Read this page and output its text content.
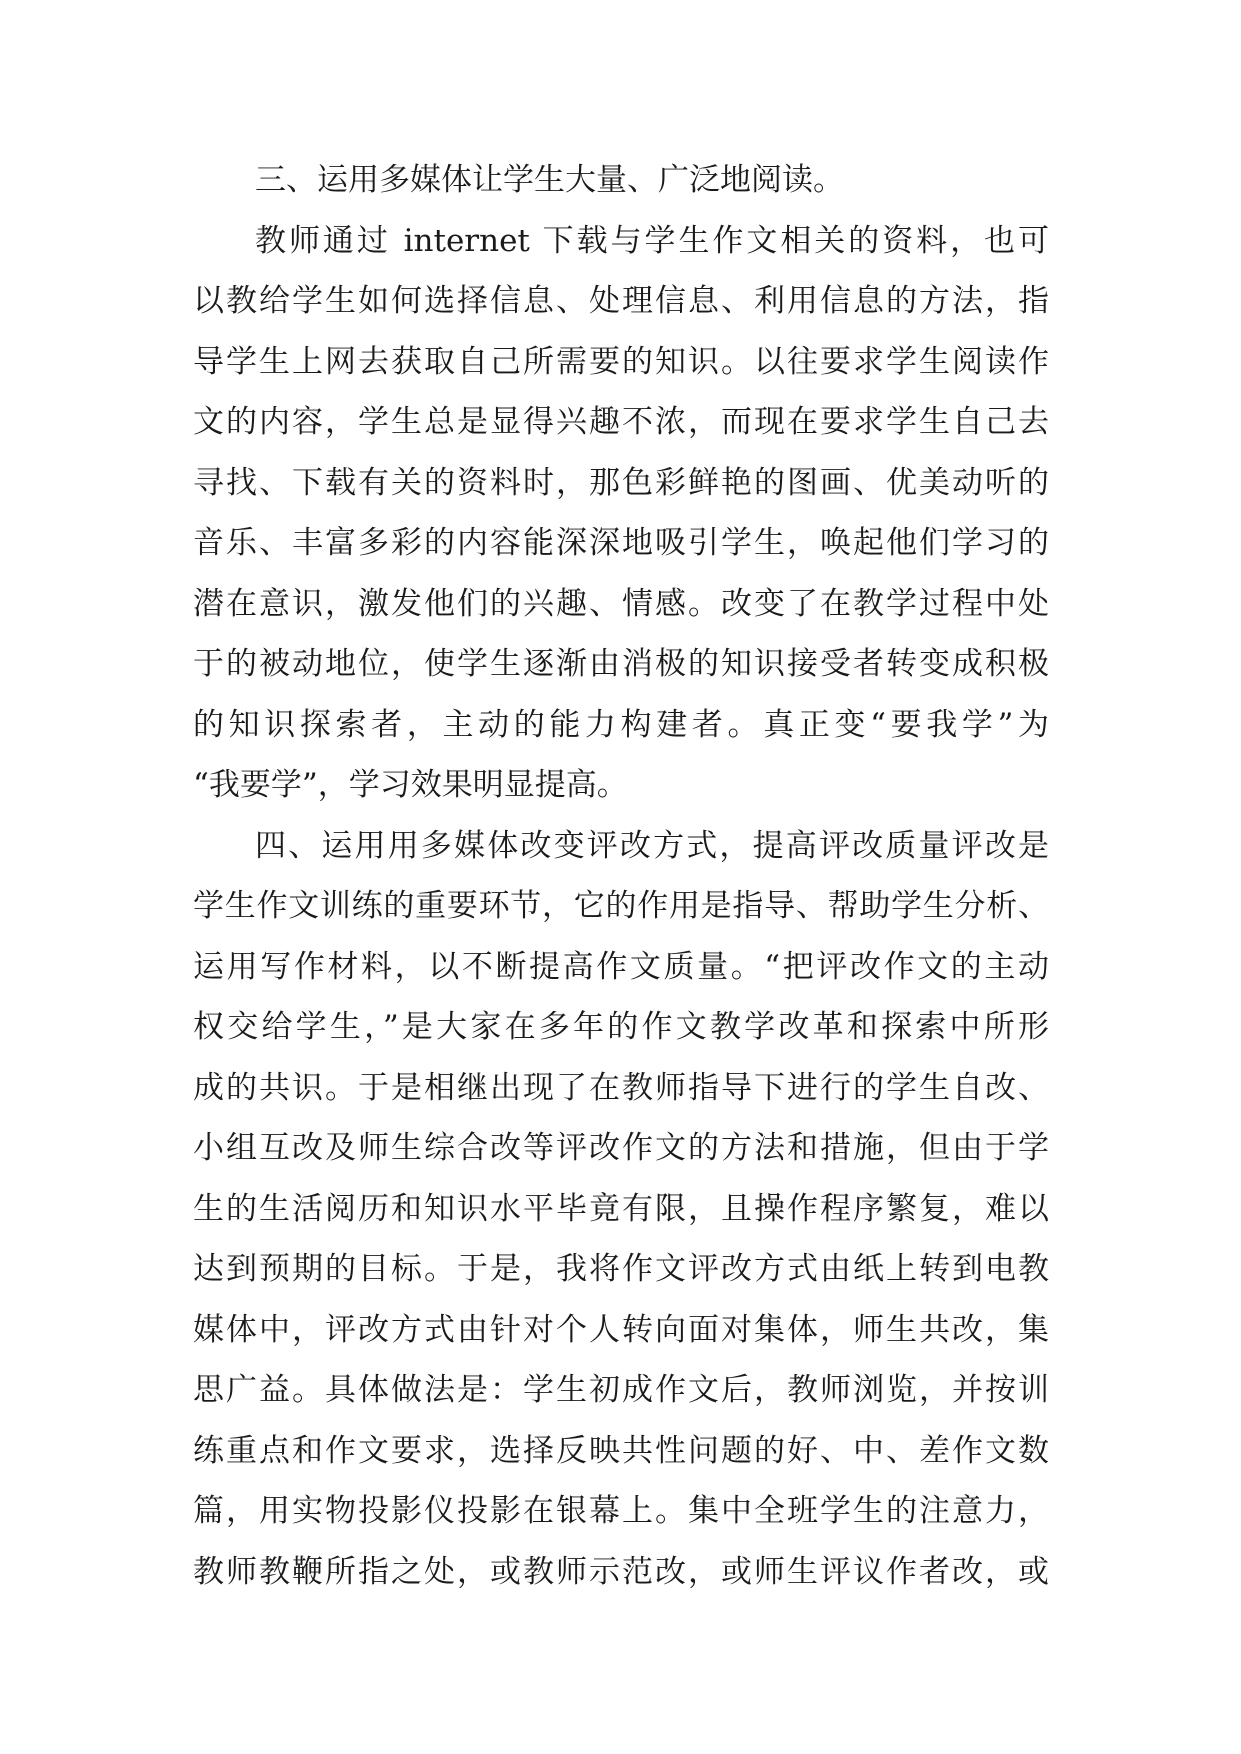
三、运用多媒体让学生大量、广泛地阅读。
教师通过 internet 下载与学生作文相关的资料，也可
以教给学生如何选择信息、处理信息、利用信息的方法，指
导学生上网去获取自己所需要的知识。以往要求学生阅读作
文的内容，学生总是显得兴趣不浓，而现在要求学生自己去
寻找、下载有关的资料时，那色彩鲜艳的图画、优美动听的
音乐、丰富多彩的内容能深深地吸引学生，唤起他们学习的
潜在意识，激发他们的兴趣、情感。改变了在教学过程中处
于的被动地位，使学生逐渐由消极的知识接受者转变成积极
的知识探索者，主动的能力构建者。真正变“要我学”为
“我要学”，学习效果明显提高。
四、运用用多媒体改变评改方式，提高评改质量评改是
学生作文训练的重要环节，它的作用是指导、帮助学生分析、
运用写作材料，以不断提高作文质量。“把评改作文的主动
权交给学生，”是大家在多年的作文教学改革和探索中所形
成的共识。于是相继出现了在教师指导下进行的学生自改、
小组互改及师生综合改等评改作文的方法和措施，但由于学
生的生活阅历和知识水平毕竟有限，且操作程序繁复，难以
达到预期的目标。于是，我将作文评改方式由纸上转到电教
媒体中，评改方式由针对个人转向面对集体，师生共改，集
思广益。具体做法是：学生初成作文后，教师浏览，并按训
练重点和作文要求，选择反映共性问题的好、中、差作文数
篇，用实物投影仪投影在银幕上。集中全班学生的注意力，
教师教鞭所指之处，或教师示范改，或师生评议作者改，或
